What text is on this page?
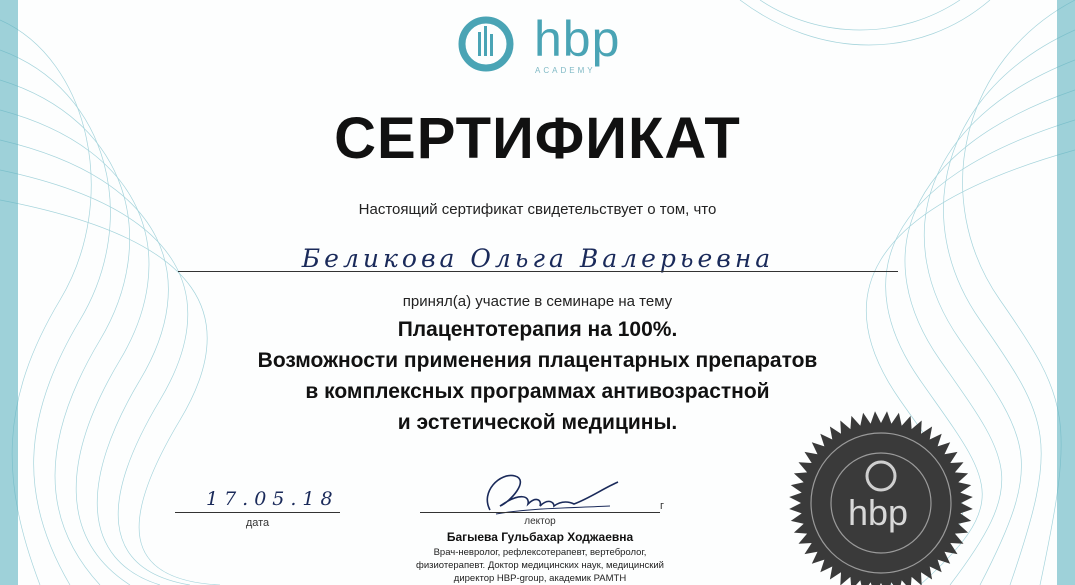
hbp
ACADEMY
СЕРТИФИКАТ
Настоящий сертификат свидетельствует о том, что
Беликова Ольга Валерьевна
принял(а) участие в семинаре на тему
Плацентотерапия на 100%.
Возможности применения плацентарных препаратов
в комплексных программах антивозрастной
и эстетической медицины.
17.05.18
дата
г
лектор
Багыева Гульбахар Ходжаевна
Врач-невролог, рефлексотерапевт, вертебролог,
физиотерапевт. Доктор медицинских наук, медицинский
директор HBP-group, академик РАМТН
hbp
